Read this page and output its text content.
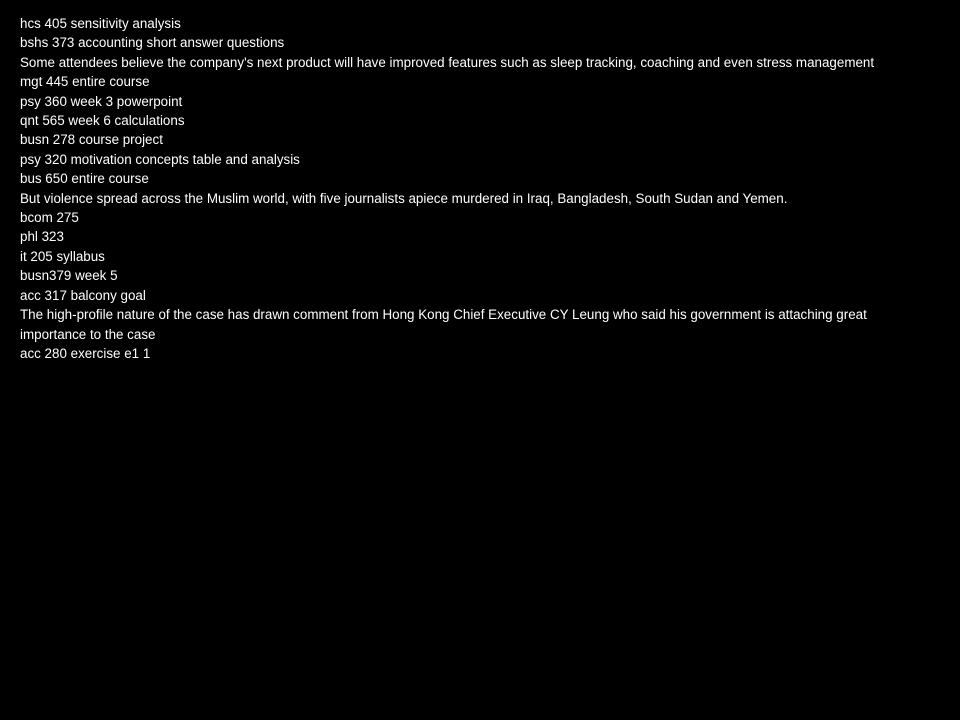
hcs 405 sensitivity analysis
bshs 373 accounting short answer questions
Some attendees believe the company's next product will have improved features such as sleep tracking, coaching and even stress management
mgt 445 entire course
psy 360 week 3 powerpoint
qnt 565 week 6 calculations
busn 278 course project
psy 320 motivation concepts table and analysis
bus 650 entire course
But violence spread across the Muslim world, with five journalists apiece murdered in Iraq, Bangladesh, South Sudan and Yemen.
bcom 275
phl 323
it 205 syllabus
busn379 week 5
acc 317 balcony goal
The high-profile nature of the case has drawn comment from Hong Kong Chief Executive CY Leung who said his government is attaching great importance to the case
acc 280 exercise e1 1
